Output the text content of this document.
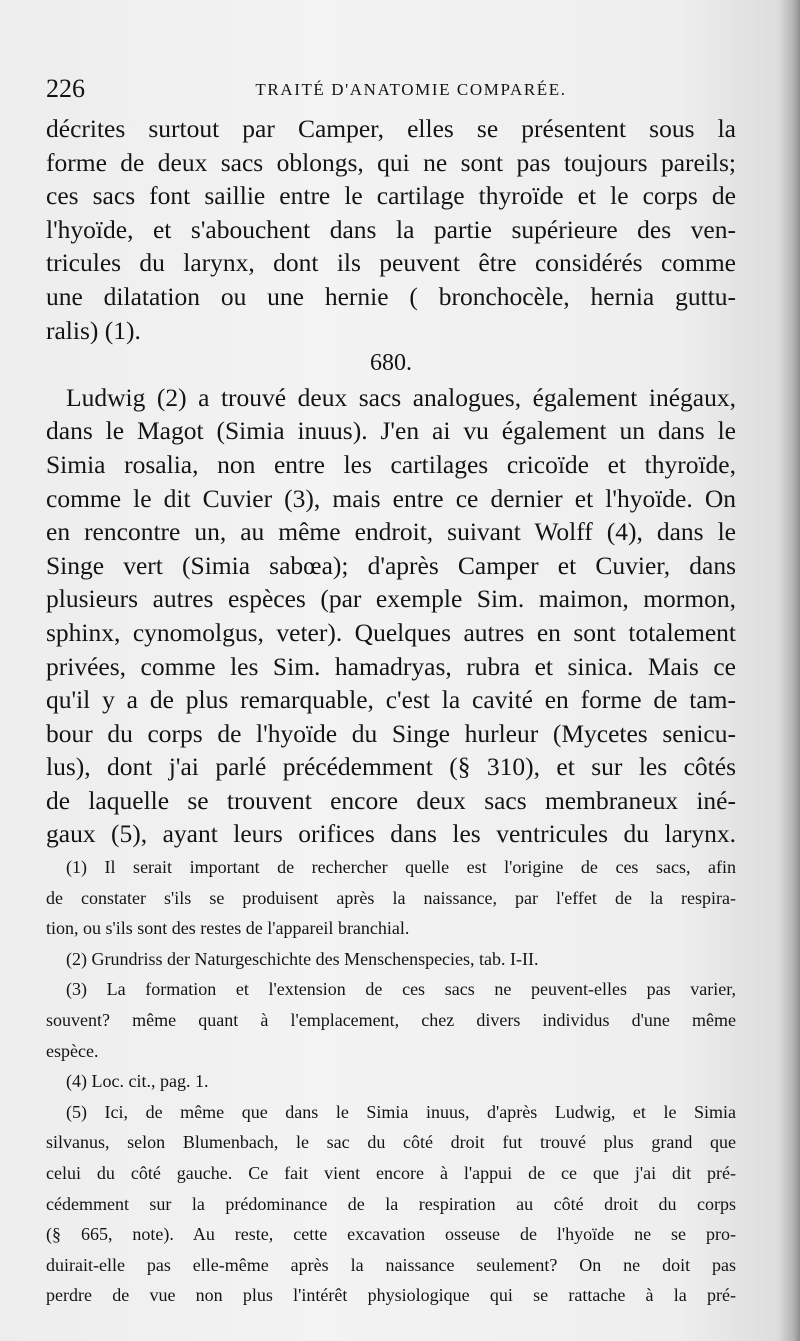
226	TRAITÉ D'ANATOMIE COMPARÉE.
décrites surtout par Camper, elles se présentent sous la
forme de deux sacs oblongs, qui ne sont pas toujours pareils;
ces sacs font saillie entre le cartilage thyroïde et le corps de
l'hyoïde, et s'abouchent dans la partie supérieure des ven-
tricules du larynx, dont ils peuvent être considérés comme
une dilatation ou une hernie ( bronchocèle, hernia guttu-
ralis) (1).
680.
Ludwig (2) a trouvé deux sacs analogues, également inégaux,
dans le Magot (Simia inuus). J'en ai vu également un dans le
Simia rosalia, non entre les cartilages cricoïde et thyroïde,
comme le dit Cuvier (3), mais entre ce dernier et l'hyoïde. On
en rencontre un, au même endroit, suivant Wolff (4), dans le
Singe vert (Simia sabœa); d'après Camper et Cuvier, dans
plusieurs autres espèces (par exemple Sim. maimon, mormon,
sphinx, cynomolgus, veter). Quelques autres en sont totalement
privées, comme les Sim. hamadryas, rubra et sinica. Mais ce
qu'il y a de plus remarquable, c'est la cavité en forme de tam-
bour du corps de l'hyoïde du Singe hurleur (Mycetes senicu-
lus), dont j'ai parlé précédemment (§ 310), et sur les côtés
de laquelle se trouvent encore deux sacs membraneux iné-
gaux (5), ayant leurs orifices dans les ventricules du larynx.
(1) Il serait important de rechercher quelle est l'origine de ces sacs, afin
de constater s'ils se produisent après la naissance, par l'effet de la respira-
tion, ou s'ils sont des restes de l'appareil branchial.
(2) Grundriss der Naturgeschichte des Menschenspecies, tab. I-II.
(3) La formation et l'extension de ces sacs ne peuvent-elles pas varier,
souvent? même quant à l'emplacement, chez divers individus d'une même
espèce.
(4) Loc. cit., pag. 1.
(5) Ici, de même que dans le Simia inuus, d'après Ludwig, et le Simia
silvanus, selon Blumenbach, le sac du côté droit fut trouvé plus grand que
celui du côté gauche. Ce fait vient encore à l'appui de ce que j'ai dit pré-
cédemment sur la prédominance de la respiration au côté droit du corps
(§ 665, note). Au reste, cette excavation osseuse de l'hyoïde ne se pro-
duirait-elle pas elle-même après la naissance seulement? On ne doit pas
perdre de vue non plus l'intérêt physiologique qui se rattache à la pré-
